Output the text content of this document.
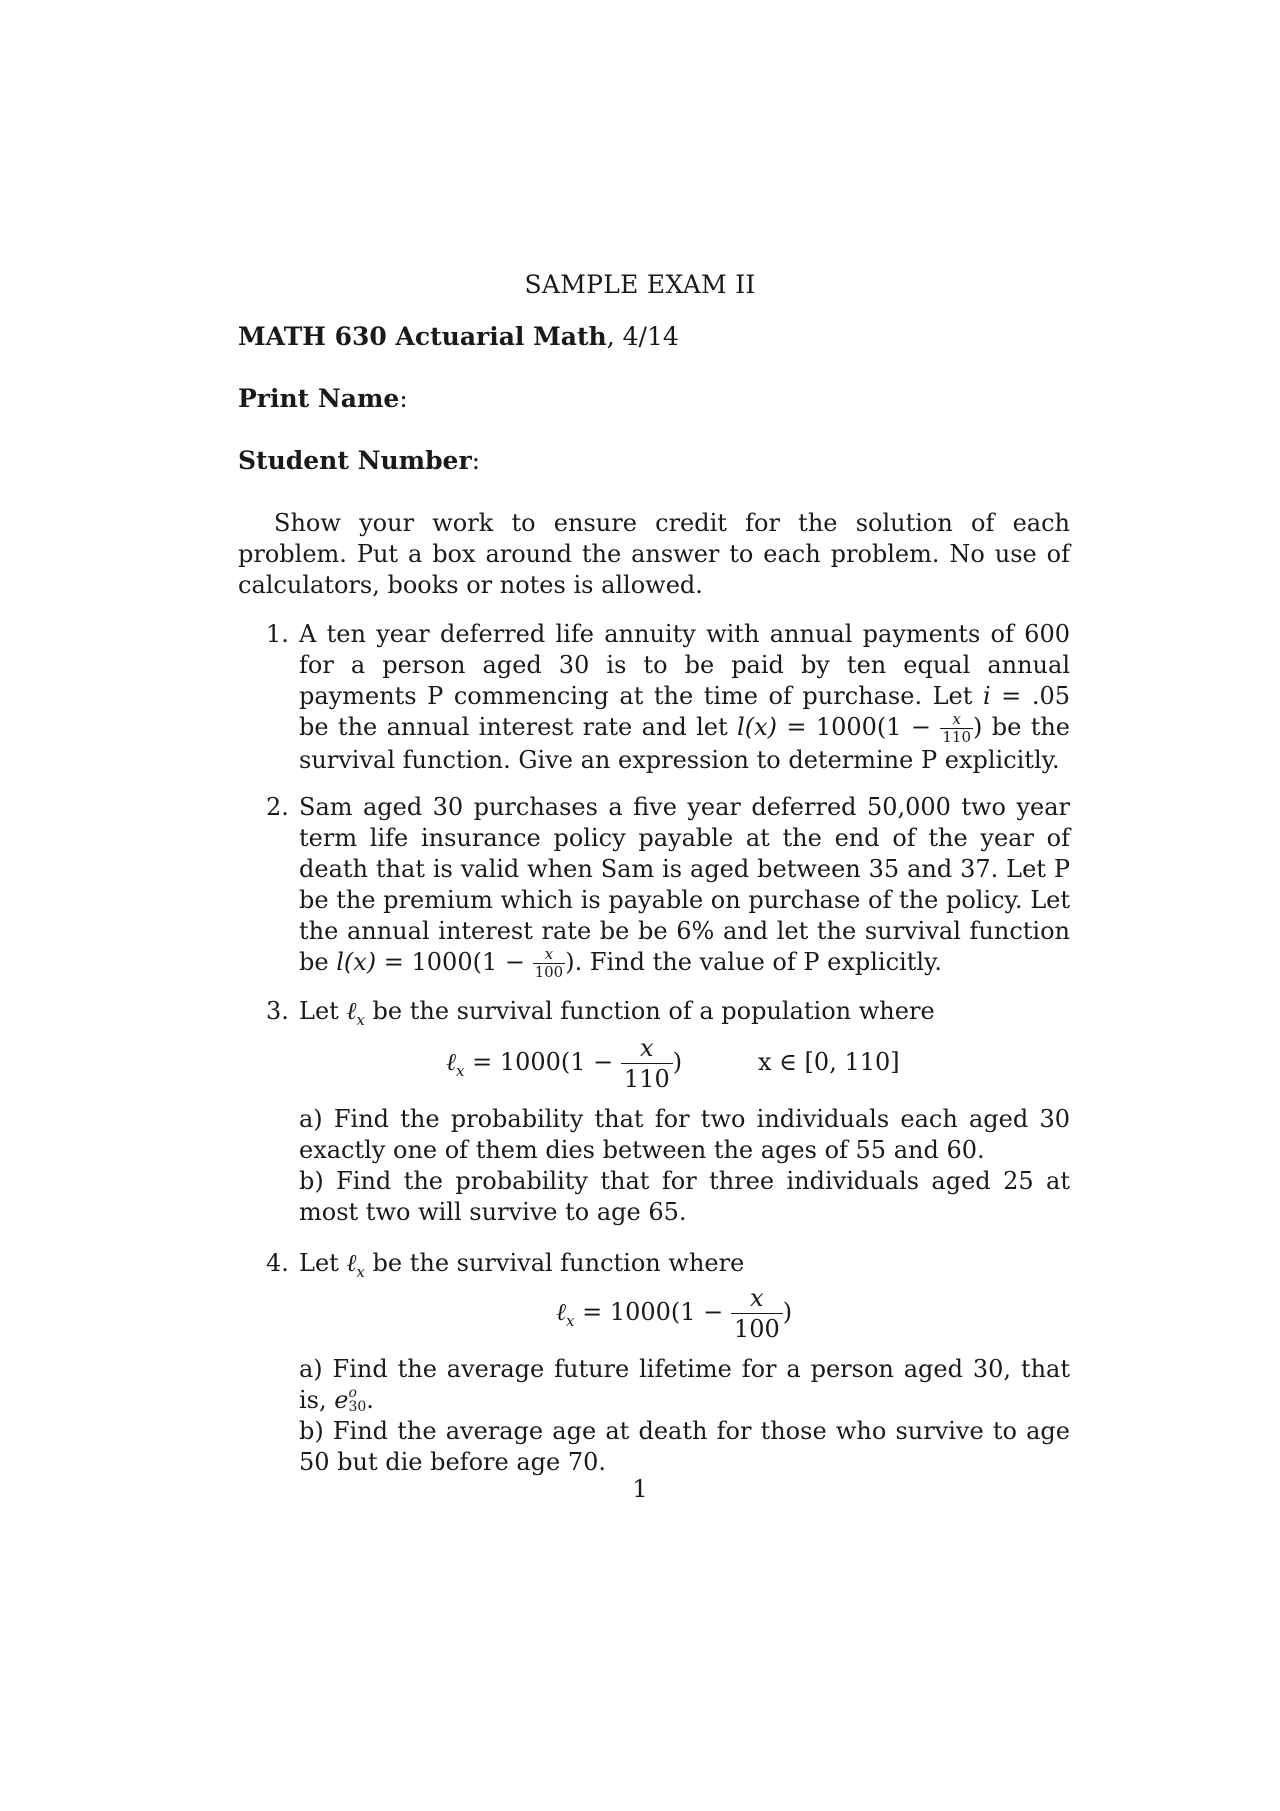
SAMPLE EXAM II
MATH 630 Actuarial Math, 4/14
Print Name:
Student Number:
Show your work to ensure credit for the solution of each problem. Put a box around the answer to each problem. No use of calculators, books or notes is allowed.
1. A ten year deferred life annuity with annual payments of 600 for a person aged 30 is to be paid by ten equal annual payments P commencing at the time of purchase. Let i = .05 be the annual interest rate and let $l(x) = 1000(1 - \frac{x}{110}$ ) be the survival function. Give an expression to determine P explicitly.
2. Sam aged 30 purchases a five year deferred 50,000 two year term life insurance policy payable at the end of the year of death that is valid when Sam is aged between 35 and 37. Let P be the premium which is payable on purchase of the policy. Let the annual interest rate be be 6% and let the survival function be $l(x) = 1000(1 - \frac{x}{100}$ ). Find the value of P explicitly.
3. Let ℓ$_x$ be the survival function of a population where
ℓ$_x$ = $1000(1 - \frac{x}{110}$ )	x ∈ [0, 110]

a) Find the probability that for two individuals each aged 30 exactly one of them dies between the ages of 55 and 60.

b) Find the probability that for three individuals aged 25 at most two will survive to age 65.

4. Let ℓ$_x$ be the survival function where
ℓ$_x$ = $1000(1 - \frac{x}{100}$ )

a) Find the average future lifetime for a person aged 30, that is, e o
30 .

b) Find the average age at death for those who survive to age 50 but die before age 70.

1
